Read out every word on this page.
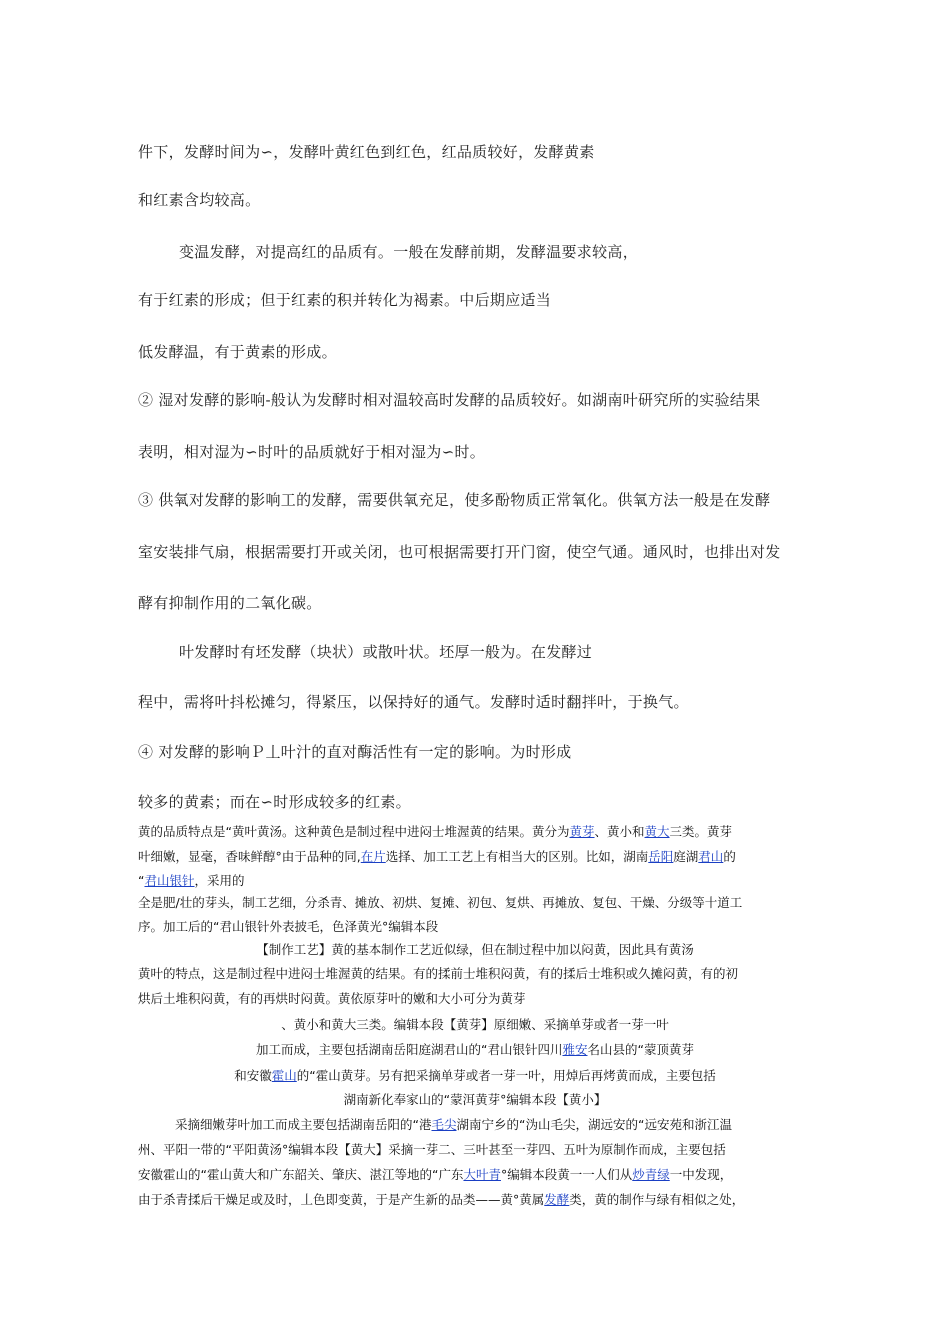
件下，发酵时间为∽，发酵叶黄红色到红色，红品质较好，发酵黄素
和红素含均较高。
变温发酵，对提高红的品质有。一般在发酵前期，发酵温要求较高，
有于红素的形成；但于红素的积并转化为褐素。中后期应适当
低发酵温，有于黄素的形成。
② 湿对发酵的影响-般认为发酵时相对温较高时发酵的品质较好。如湖南叶研究所的实验结果
表明，相对湿为∽时叶的品质就好于相对湿为∽时。
③ 供氧对发酵的影响工的发酵，需要供氧充足，使多酚物质正常氧化。供氧方法一般是在发酵
室安装排气扇，根据需要打开或关闭，也可根据需要打开门窗，使空气通。通风时，也排出对发
酵有抑制作用的二氧化碳。
叶发酵时有坯发酵（块状）或散叶状。坯厚一般为。在发酵过
程中，需将叶抖松摊匀，得紧压，以保持好的通气。发酵时适时翻拌叶，于换气。
④ 对发酵的影响Ｐ丄叶汁的直对酶活性有一定的影响。为时形成
较多的黄素；而在∽时形成较多的红素。
黄的品质特点是“黄叶黄汤。这种黄色是制过程中进闷士堆渥黄的结果。黄分为黄芽、黄小和黄大三类。黄芽
叶细嫩，显毫，香味鲜醇°由于品种的同,在片选择、加工工艺上有相当大的区别。比如，湖南岳阳庭湖君山的
“君山银针，采用的
全是肥/壮的芽头，制工艺细，分杀青、摊放、初烘、复摊、初包、复烘、再摊放、复包、干燥、分级等十道工
序。加工后的“君山银针外表披毛，色泽黄光°编辑本段
【制作工艺】黄的基本制作工艺近似绿，但在制过程中加以闷黄，因此具有黄汤
黄叶的特点，这是制过程中进闷士堆渥黄的结果。有的揉前士堆积闷黄，有的揉后士堆积或久摊闷黄，有的初
烘后土堆积闷黄，有的再烘时闷黄。黄依原芽叶的嫩和大小可分为黄芽
、黄小和黄大三类。编辑本段【黄芽】原细嫩、采摘单芽或者一芽一叶
加工而成，主要包括湖南岳阳庭湖君山的“君山银针四川雅安名山县的“蒙顶黄芽
和安徽霍山的“霍山黄芽。另有把采摘单芽或者一芽一叶，用焯后再烤黄而成，主要包括
湖南新化奉家山的“蒙洱黄芽°编辑本段【黄小】
采摘细嫩芽叶加工而成主要包括湖南岳阳的“港毛尖湖南宁乡的“沩山毛尖，湖远安的“远安苑和浙江温
州、平阳一带的“平阳黄汤°编辑本段【黄大】采摘一芽二、三叶甚至一芽四、五叶为原制作而成，主要包括
安徽霍山的“霍山黄大和广东韶关、肇庆、湛江等地的“广东大叶青°编辑本段黄一一人们从炒青绿一中发现，
由于杀青揉后干燥足或及时，丄色即变黄，于是产生新的品类——黄°黄属发酵类，黄的制作与绿有相似之处，
